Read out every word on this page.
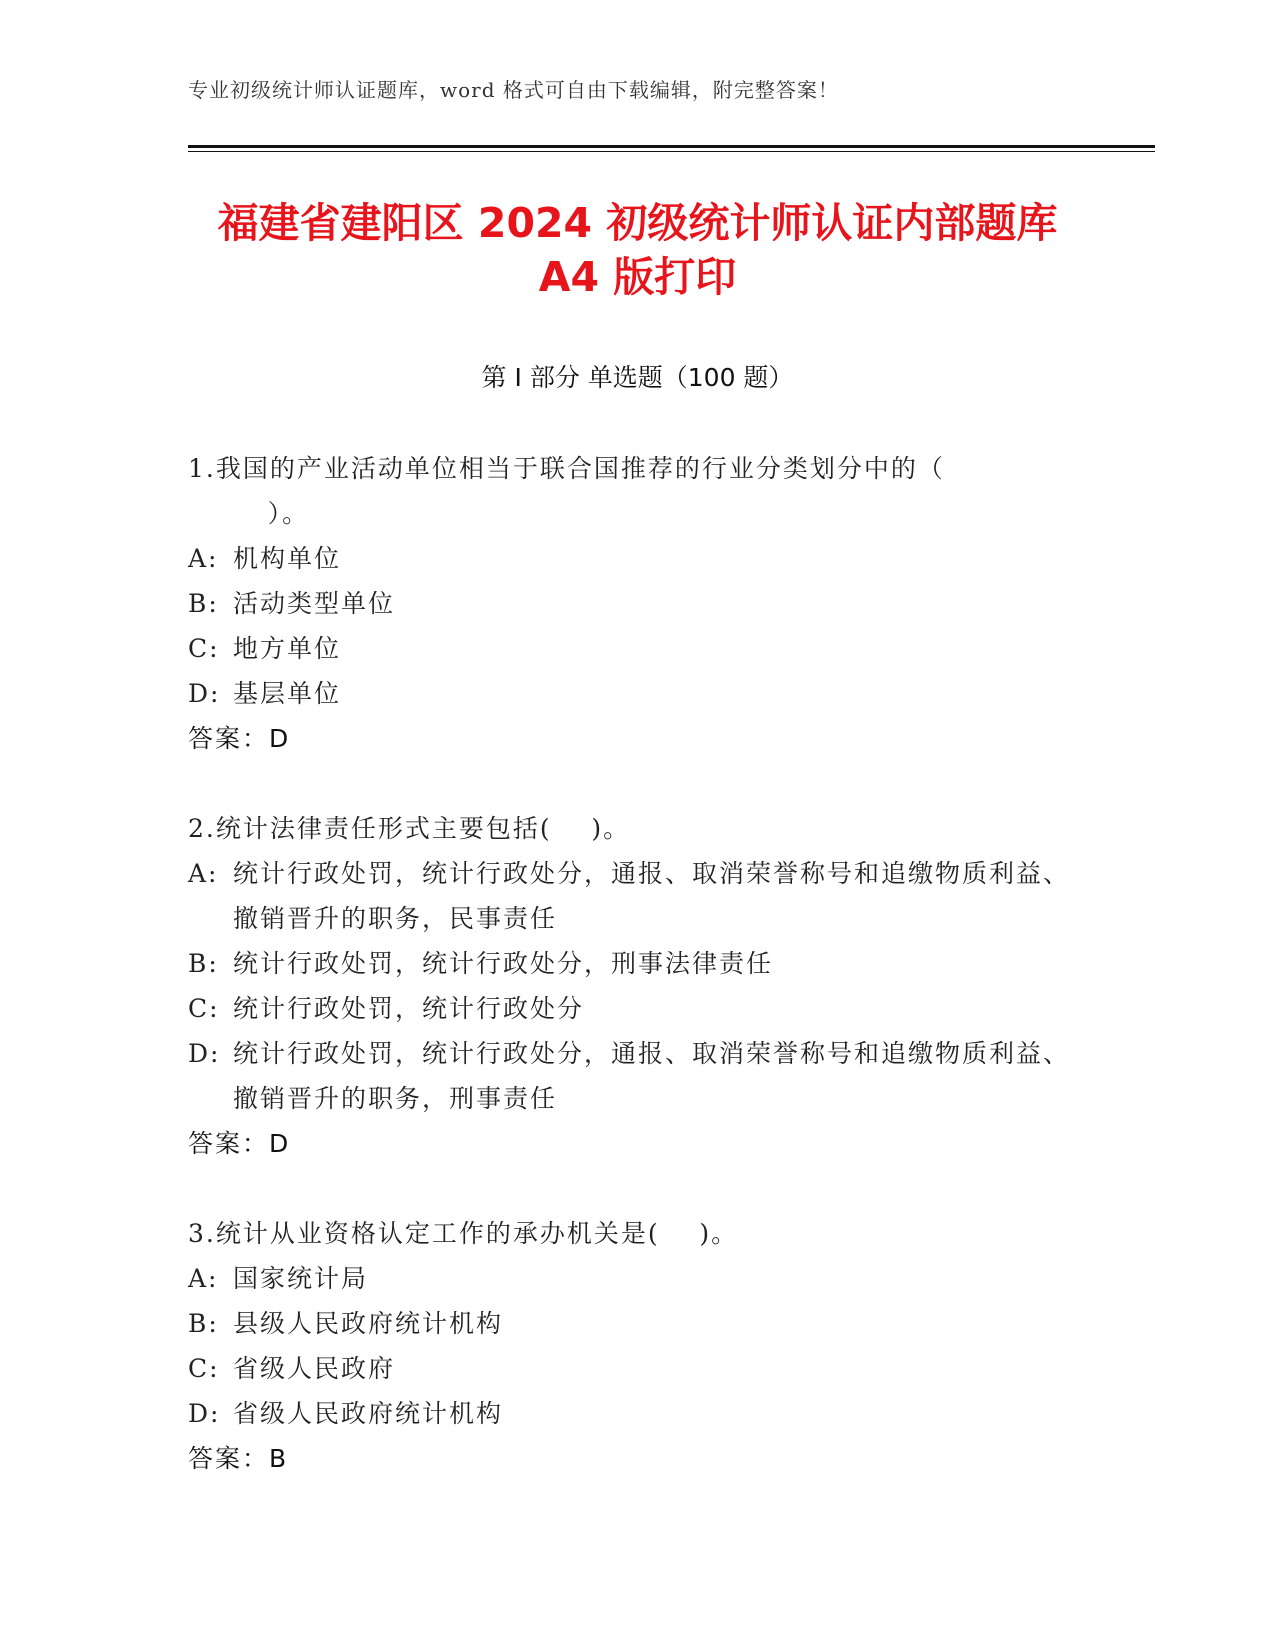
专业初级统计师认证题库，word 格式可自由下载编辑，附完整答案！
福建省建阳区 2024 初级统计师认证内部题库
A4 版打印
第 I 部分 单选题（100 题）
1.我国的产业活动单位相当于联合国推荐的行业分类划分中的（
）。
A: 机构单位
B: 活动类型单位
C: 地方单位
D: 基层单位
答案：D
2.统计法律责任形式主要包括(    )。
A: 统计行政处罚，统计行政处分，通报、取消荣誉称号和追缴物质利益、撤销晋升的职务，民事责任
B: 统计行政处罚，统计行政处分，刑事法律责任
C: 统计行政处罚，统计行政处分
D: 统计行政处罚，统计行政处分，通报、取消荣誉称号和追缴物质利益、撤销晋升的职务，刑事责任
答案：D
3.统计从业资格认定工作的承办机关是(    )。
A: 国家统计局
B: 县级人民政府统计机构
C: 省级人民政府
D: 省级人民政府统计机构
答案：B
